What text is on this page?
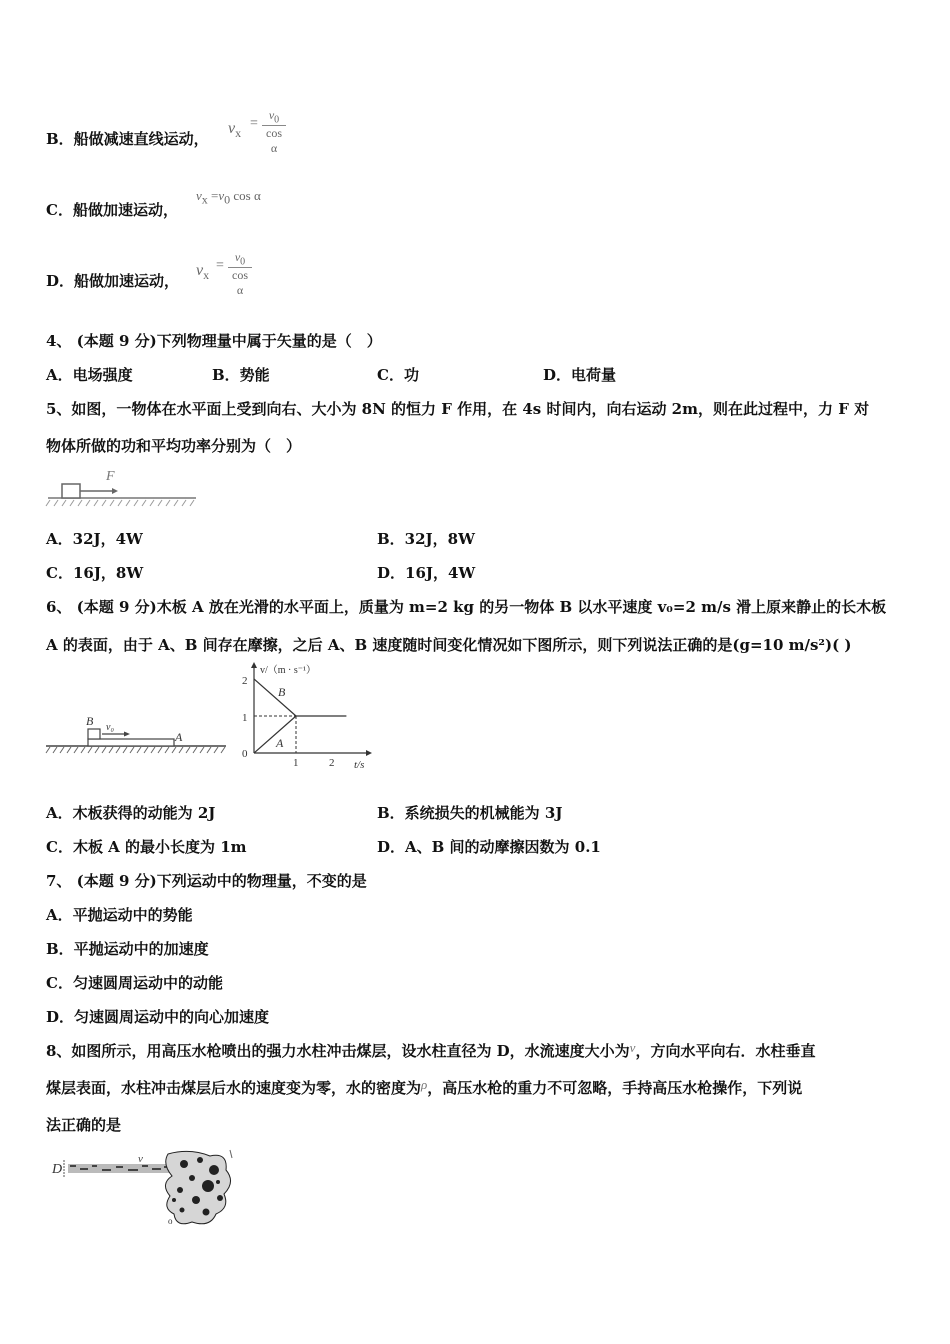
B．船做减速直线运动，
$v_x$
= $\frac{v_0}{\text{cos α}}$
C．船做加速运动，
$v_x =v_0$ cos α
D．船做加速运动，
$v_x$
= $\frac{v_0}{\text{cos α}}$
4、 (本题 9 分)下列物理量中属于矢量的是（　）
A．电场强度	B．势能	C．功	D．电荷量
5、如图，一物体在水平面上受到向右、大小为 8N 的恒力 F 作用，在 4s 时间内，向右运动 2m，则在此过程中，力 F 对
物体所做的功和平均功率分别为（　）
F
A．32J，4W	B．32J，8W
C．16J，8W	D．16J，4W
6、 (本题 9 分)木板 A 放在光滑的水平面上，质量为 m=2 kg 的另一物体 B 以水平速度 v₀=2 m/s 滑上原来静止的长木板
A 的表面，由于 A、B 间存在摩擦，之后 A、B 速度随时间变化情况如下图所示，则下列说法正确的是(g=10 m/s²)( )
B v₀
A
v/（m · s⁻¹）
t/s
2
1
0
1	2
B
A
A．木板获得的动能为 2J	B．系统损失的机械能为 3J
C．木板 A 的最小长度为 1m	D．A、B 间的动摩擦因数为 0.1
7、 (本题 9 分)下列运动中的物理量，不变的是
A．平抛运动中的势能
B．平抛运动中的加速度
C．匀速圆周运动中的动能
D．匀速圆周运动中的向心加速度
8、如图所示，用高压水枪喷出的强力水柱冲击煤层，设水柱直径为 D，水流速度大小为v，方向水平向右．水柱垂直
煤层表面，水柱冲击煤层后水的速度变为零，水的密度为ρ，高压水枪的重力不可忽略，手持高压水枪操作，下列说
法正确的是
D
v
o
